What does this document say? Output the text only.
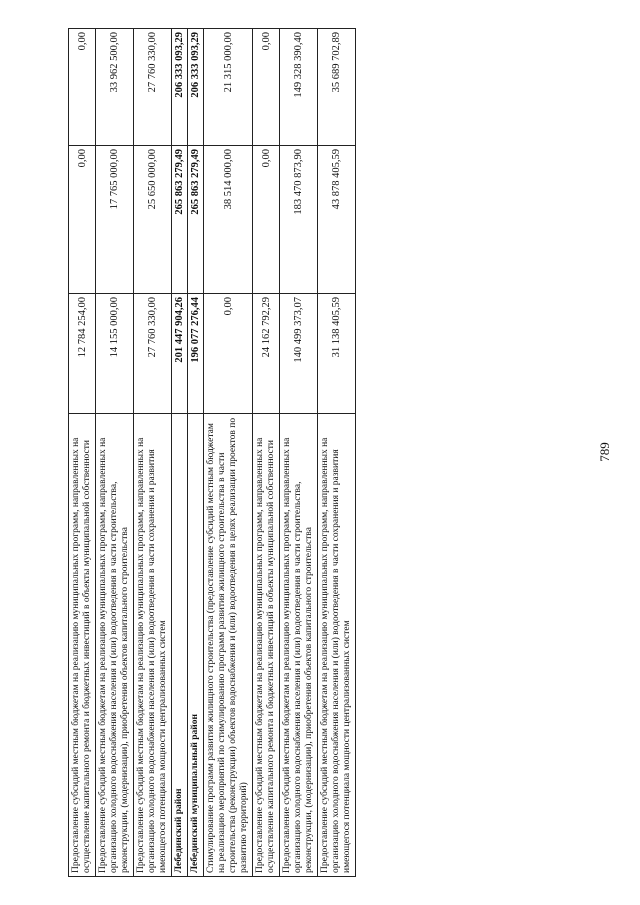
789
Предоставление субсидий местным бюджетам на реализацию муниципальных программ, направленных на осуществление капитального ремонта и бюджетных инвестиций в объекты муниципальной собственности	12 784 254,00	0,00	0,00
Предоставление субсидий местным бюджетам на реализацию муниципальных программ, направленных на организацию холодного водоснабжения населения и (или) водоотведения в части строительства, реконструкции, (модернизации), приобретения объектов капитального строительства	14 155 000,00	17 765 000,00	33 962 500,00
Предоставление субсидий местным бюджетам на реализацию муниципальных программ, направленных на организацию холодного водоснабжения населения и (или) водоотведения в части сохранения и развития имеющегося потенциала мощности централизованных систем	27 760 330,00	25 650 000,00	27 760 330,00
Лебединский район	201 447 904,26	265 863 279,49	206 333 093,29
Лебединский муниципальный район	196 077 276,44	265 863 279,49	206 333 093,29
Стимулирование программ развития жилищного строительства (предоставление субсидий местным бюджетам на реализацию мероприятий по стимулированию программ развития жилищного строительства в части строительства (реконструкции) объектов водоснабжения и (или) водоотведения в целях реализации проектов по развитию территорий)	0,00	38 514 000,00	21 315 000,00
Предоставление субсидий местным бюджетам на реализацию муниципальных программ, направленных на осуществление капитального ремонта и бюджетных инвестиций в объекты муниципальной собственности	24 162 792,29	0,00	0,00
Предоставление субсидий местным бюджетам на реализацию муниципальных программ, направленных на организацию холодного водоснабжения населения и (или) водоотведения в части строительства, реконструкции, (модернизации), приобретения объектов капитального строительства	140 499 373,07	183 470 873,90	149 328 390,40
Предоставление субсидий местным бюджетам на реализацию муниципальных программ, направленных на организацию холодного водоснабжения населения и (или) водоотведения в части сохранения и развития имеющегося потенциала мощности централизованных систем	31 138 405,59	43 878 405,59	35 689 702,89
